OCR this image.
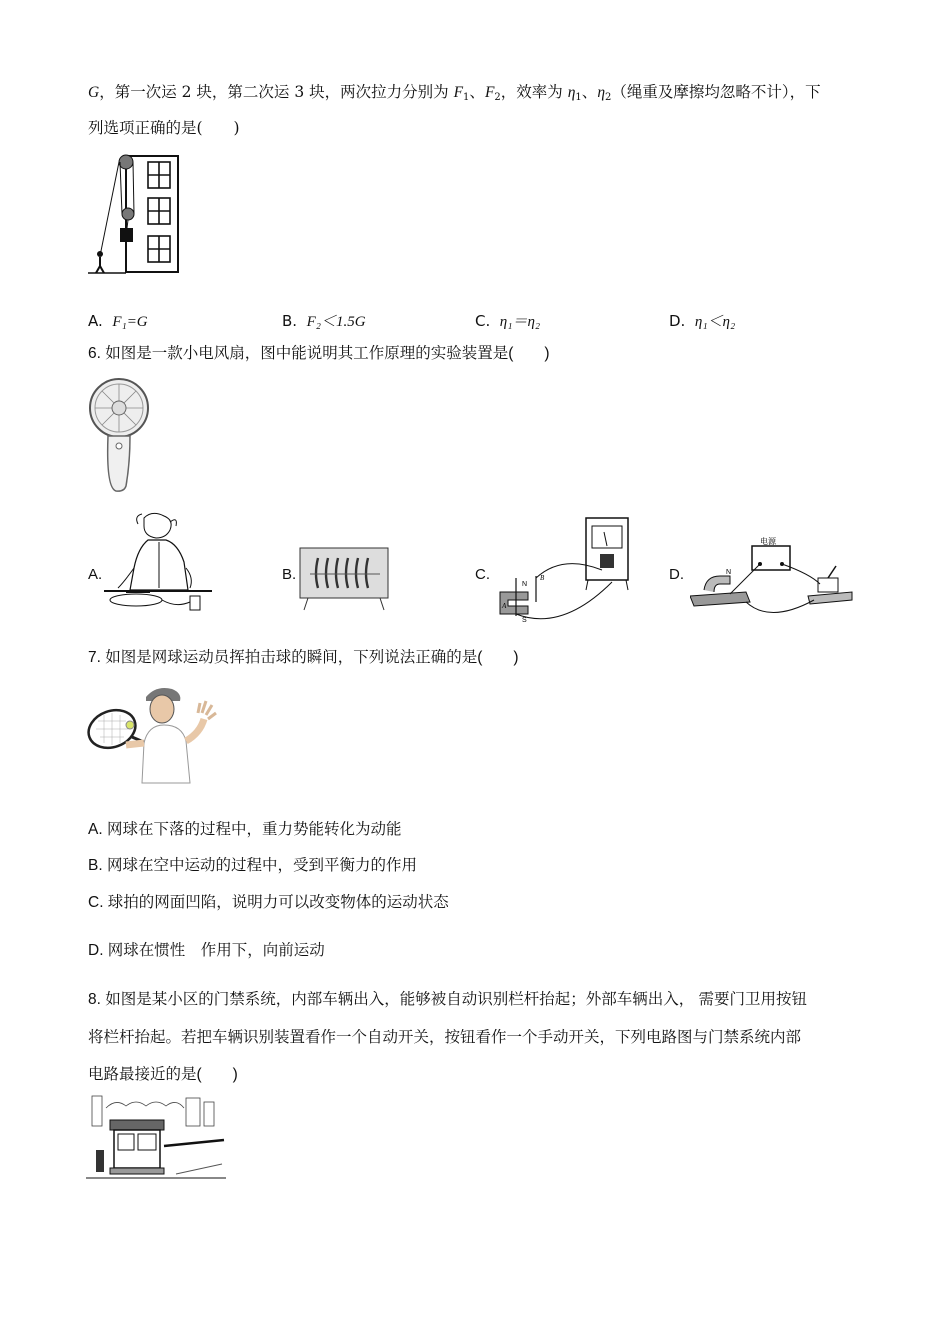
G，第一次运 2 块，第二次运 3 块，两次拉力分别为 $F_1$、$F_2$，效率为 $\eta_1$、$\eta_2$（绳重及摩擦均忽略不计），下
列选项正确的是(　　)
A. F₁=G	B. F₂＜1.5G	C. η₁＝η₂	D. η₁＜η₂
6. 如图是一款小电风扇，图中能说明其工作原理的实验装置是(　　)
A.	B.	C.	D.
N
S
A
B
电源
N
7. 如图是网球运动员挥拍击球的瞬间，下列说法正确的是(　　)
A. 网球在下落的过程中，重力势能转化为动能
B. 网球在空中运动的过程中，受到平衡力的作用
C. 球拍的网面凹陷，说明力可以改变物体的运动状态
D. 网球在惯性　作用下，向前运动
8. 如图是某小区的门禁系统，内部车辆出入，能够被自动识别栏杆抬起；外部车辆出入， 需要门卫用按钮
将栏杆抬起。若把车辆识别装置看作一个自动开关，按钮看作一个手动开关，下列电路图与门禁系统内部
电路最接近的是(　　)
